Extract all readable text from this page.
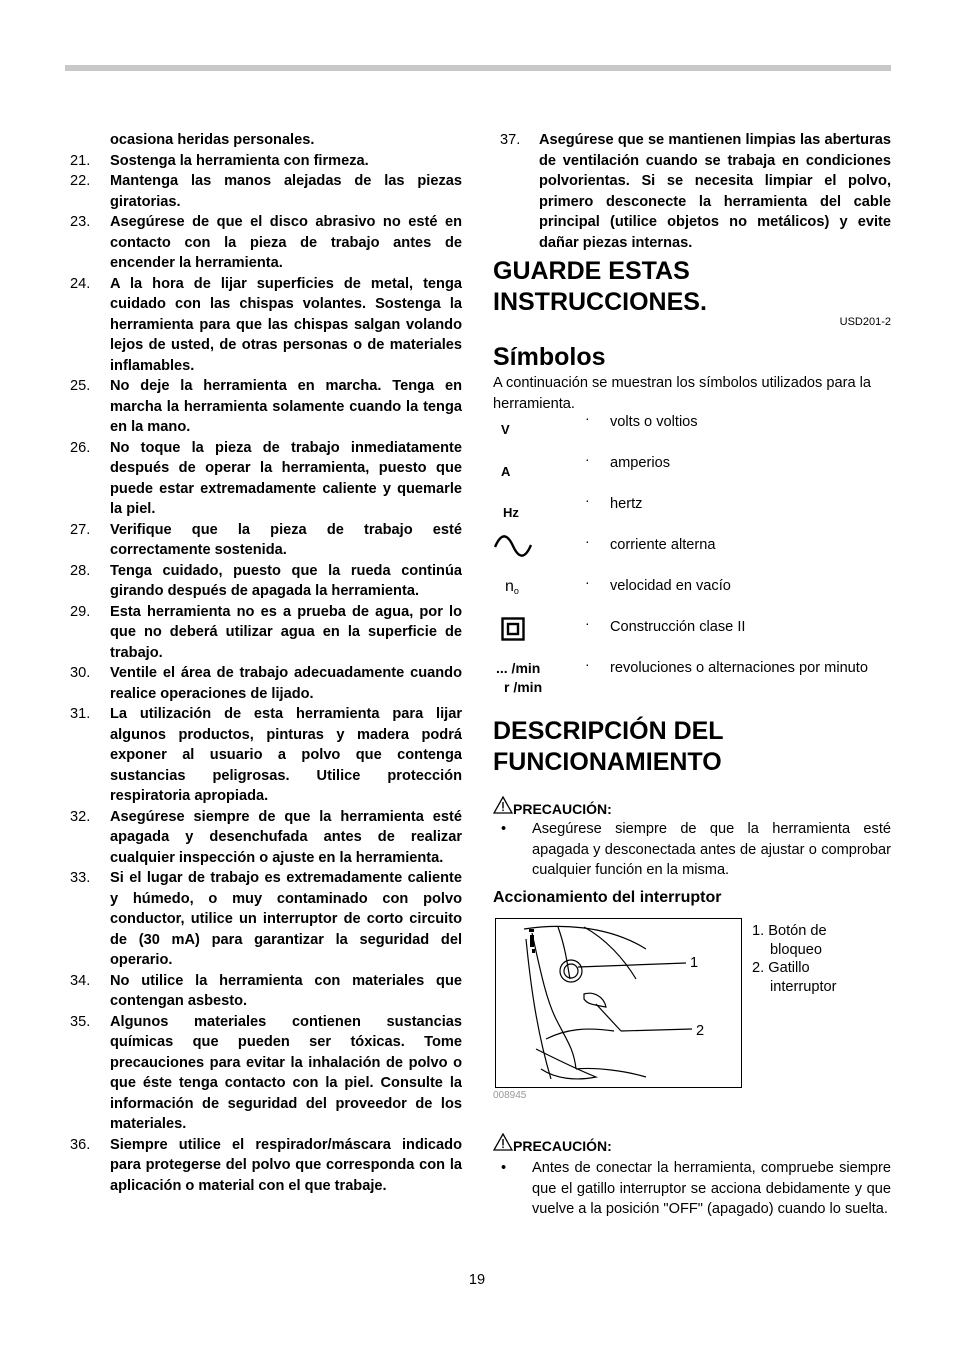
ocasiona heridas personales.
21. Sostenga la herramienta con firmeza.
22. Mantenga las manos alejadas de las piezas giratorias.
23. Asegúrese de que el disco abrasivo no esté en contacto con la pieza de trabajo antes de encender la herramienta.
24. A la hora de lijar superficies de metal, tenga cuidado con las chispas volantes. Sostenga la herramienta para que las chispas salgan volando lejos de usted, de otras personas o de materiales inflamables.
25. No deje la herramienta en marcha. Tenga en marcha la herramienta solamente cuando la tenga en la mano.
26. No toque la pieza de trabajo inmediatamente después de operar la herramienta, puesto que puede estar extremadamente caliente y quemarle la piel.
27. Verifique que la pieza de trabajo esté correctamente sostenida.
28. Tenga cuidado, puesto que la rueda continúa girando después de apagada la herramienta.
29. Esta herramienta no es a prueba de agua, por lo que no deberá utilizar agua en la superficie de trabajo.
30. Ventile el área de trabajo adecuadamente cuando realice operaciones de lijado.
31. La utilización de esta herramienta para lijar algunos productos, pinturas y madera podrá exponer al usuario a polvo que contenga sustancias peligrosas. Utilice protección respiratoria apropiada.
32. Asegúrese siempre de que la herramienta esté apagada y desenchufada antes de realizar cualquier inspección o ajuste en la herramienta.
33. Si el lugar de trabajo es extremadamente caliente y húmedo, o muy contaminado con polvo conductor, utilice un interruptor de corto circuito de (30 mA) para garantizar la seguridad del operario.
34. No utilice la herramienta con materiales que contengan asbesto.
35. Algunos materiales contienen sustancias químicas que pueden ser tóxicas. Tome precauciones para evitar la inhalación de polvo o que éste tenga contacto con la piel. Consulte la información de seguridad del proveedor de los materiales.
36. Siempre utilice el respirador/máscara indicado para protegerse del polvo que corresponda con la aplicación o material con el que trabaje.
37. Asegúrese que se mantienen limpias las aberturas de ventilación cuando se trabaja en condiciones polvorientas. Si se necesita limpiar el polvo, primero desconecte la herramienta del cable principal (utilice objetos no metálicos) y evite dañar piezas internas.
GUARDE ESTAS
INSTRUCCIONES.
USD201-2
Símbolos
A continuación se muestran los símbolos utilizados para la herramienta.
V
· volts o voltios
A
· amperios
Hz
· hertz
· corriente alterna
no
· velocidad en vacío
· Construcción clase II
... /min
r /min
· revoluciones o alternaciones por minuto
DESCRIPCIÓN DEL
FUNCIONAMIENTO
PRECAUCIÓN:
• Asegúrese siempre de que la herramienta esté apagada y desconectada antes de ajustar o comprobar cualquier función en la misma.
Accionamiento del interruptor
1
2
1. Botón de
bloqueo
2. Gatillo
interruptor
008945
PRECAUCIÓN:
• Antes de conectar la herramienta, compruebe siempre que el gatillo interruptor se acciona debidamente y que vuelve a la posición "OFF" (apagado) cuando lo suelta.
19
